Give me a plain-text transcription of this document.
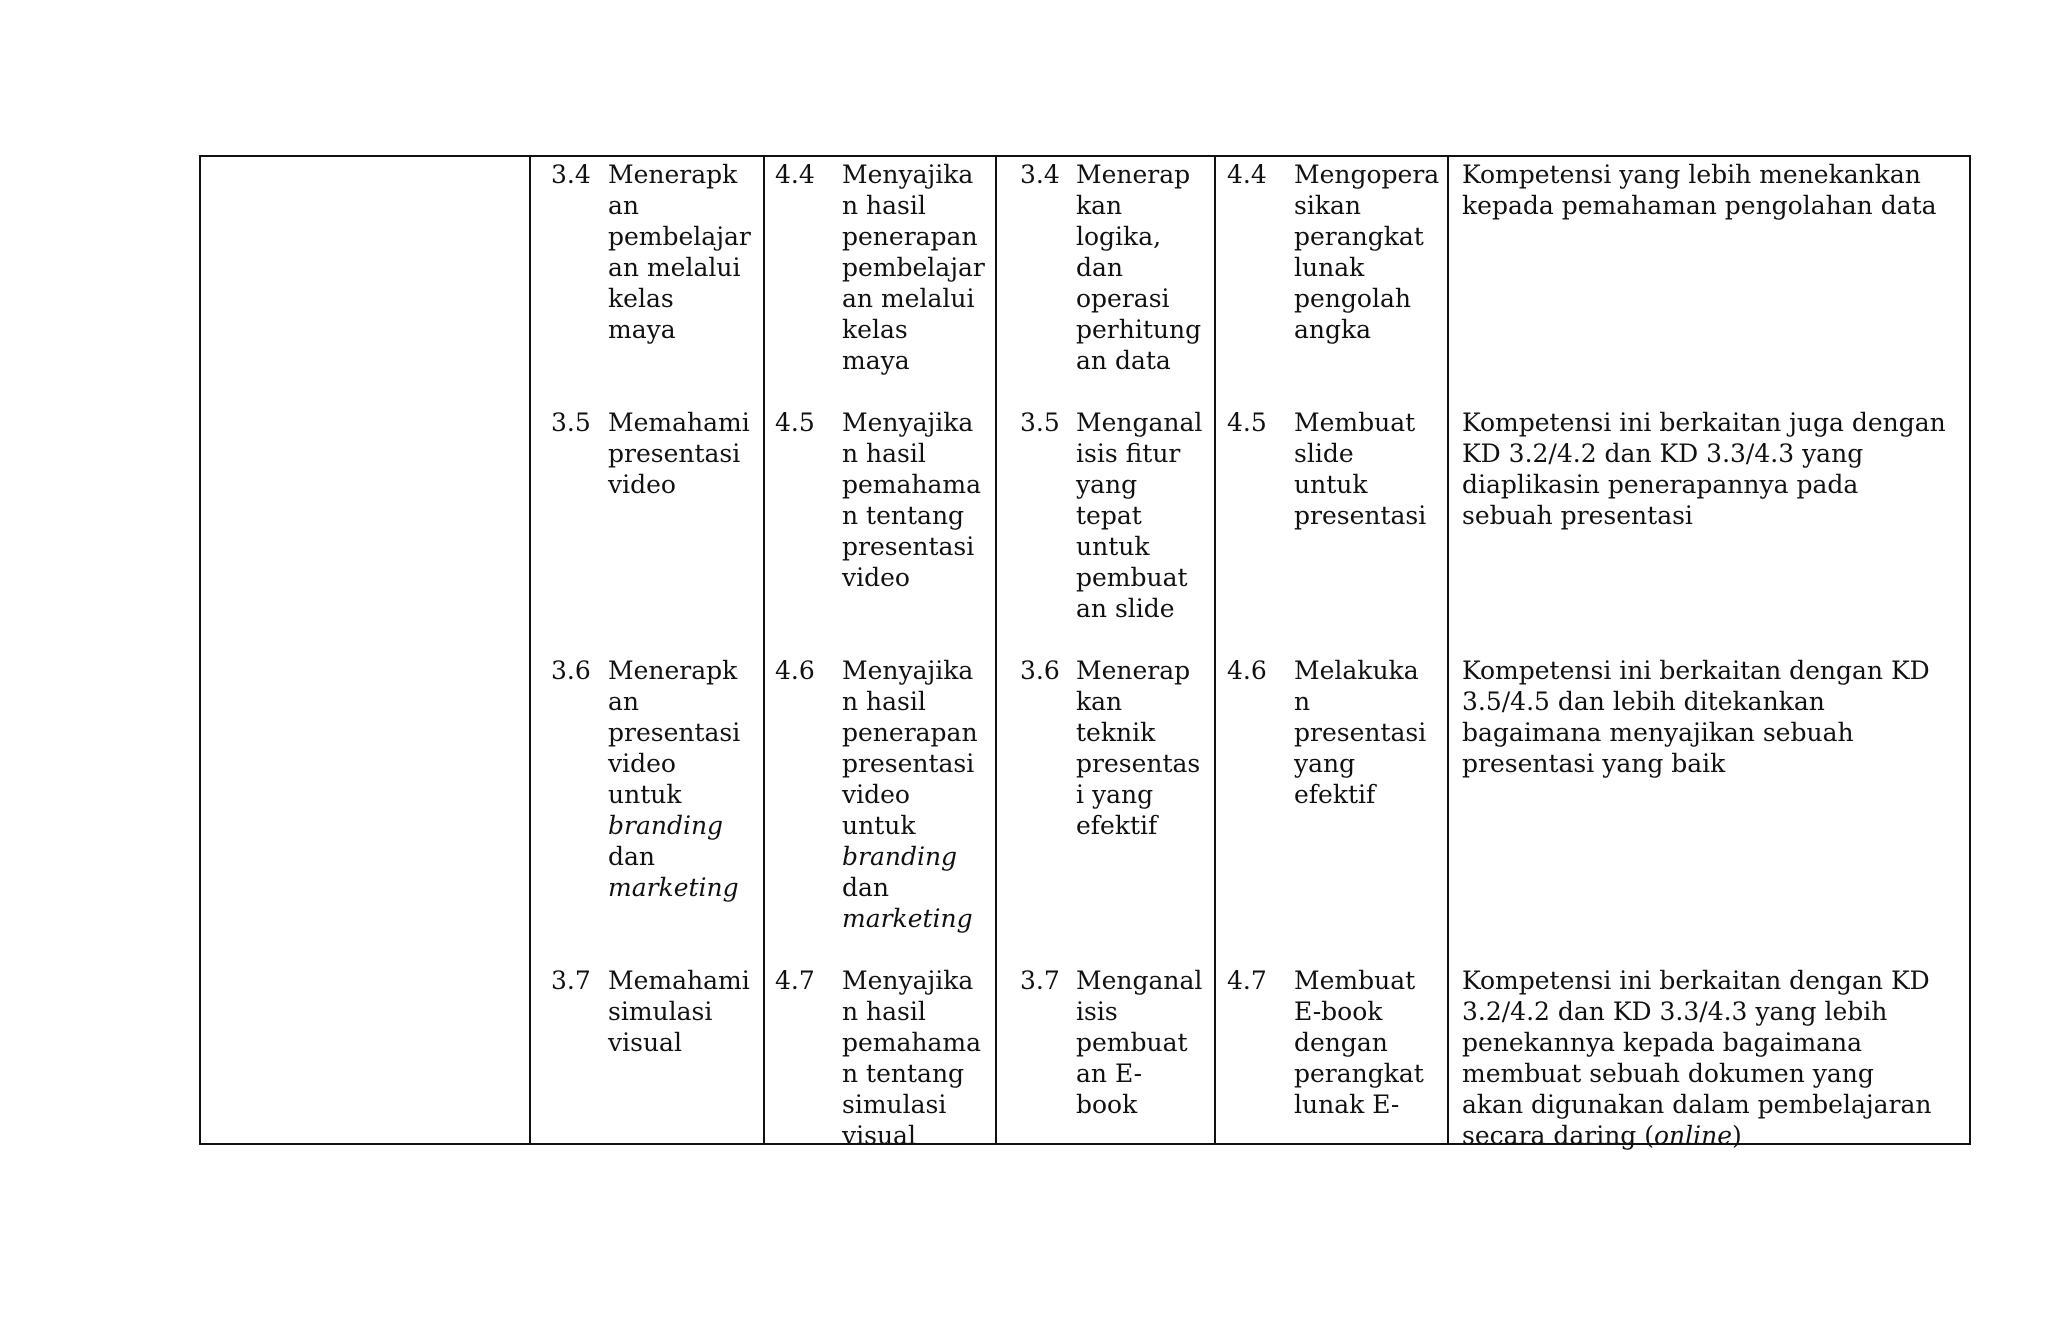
3.4 Menerapk
an
pembelajar
an melalui
kelas
maya
4.4 Menyajika
n hasil
penerapan
pembelajar
an melalui
kelas
maya
3.4 Menerap
kan
logika,
dan
operasi
perhitung
an data
4.4 Mengopera
sikan
perangkat
lunak
pengolah
angka
Kompetensi yang lebih menekankan
kepada pemahaman pengolahan data
3.5 Memahami
presentasi
video
4.5 Menyajika
n hasil
pemahama
n tentang
presentasi
video
3.5 Menganal
isis fitur
yang
tepat
untuk
pembuat
an slide
4.5 Membuat
slide
untuk
presentasi
Kompetensi ini berkaitan juga dengan
KD 3.2/4.2 dan KD 3.3/4.3 yang
diaplikasin penerapannya pada
sebuah presentasi
3.6 Menerapk
an
presentasi
video
untuk
branding
dan
marketing
4.6 Menyajika
n hasil
penerapan
presentasi
video
untuk
branding
dan
marketing
3.6 Menerap
kan
teknik
presentas
i yang
efektif
4.6 Melakuka
n
presentasi
yang
efektif
Kompetensi ini berkaitan dengan KD
3.5/4.5 dan lebih ditekankan
bagaimana menyajikan sebuah
presentasi yang baik
3.7 Memahami
simulasi
visual
4.7 Menyajika
n hasil
pemahama
n tentang
simulasi
visual
3.7 Menganal
isis
pembuat
an E-
book
4.7 Membuat
E-book
dengan
perangkat
lunak E-
Kompetensi ini berkaitan dengan KD
3.2/4.2 dan KD 3.3/4.3 yang lebih
penekannya kepada bagaimana
membuat sebuah dokumen yang
akan digunakan dalam pembelajaran
secara daring (online)
